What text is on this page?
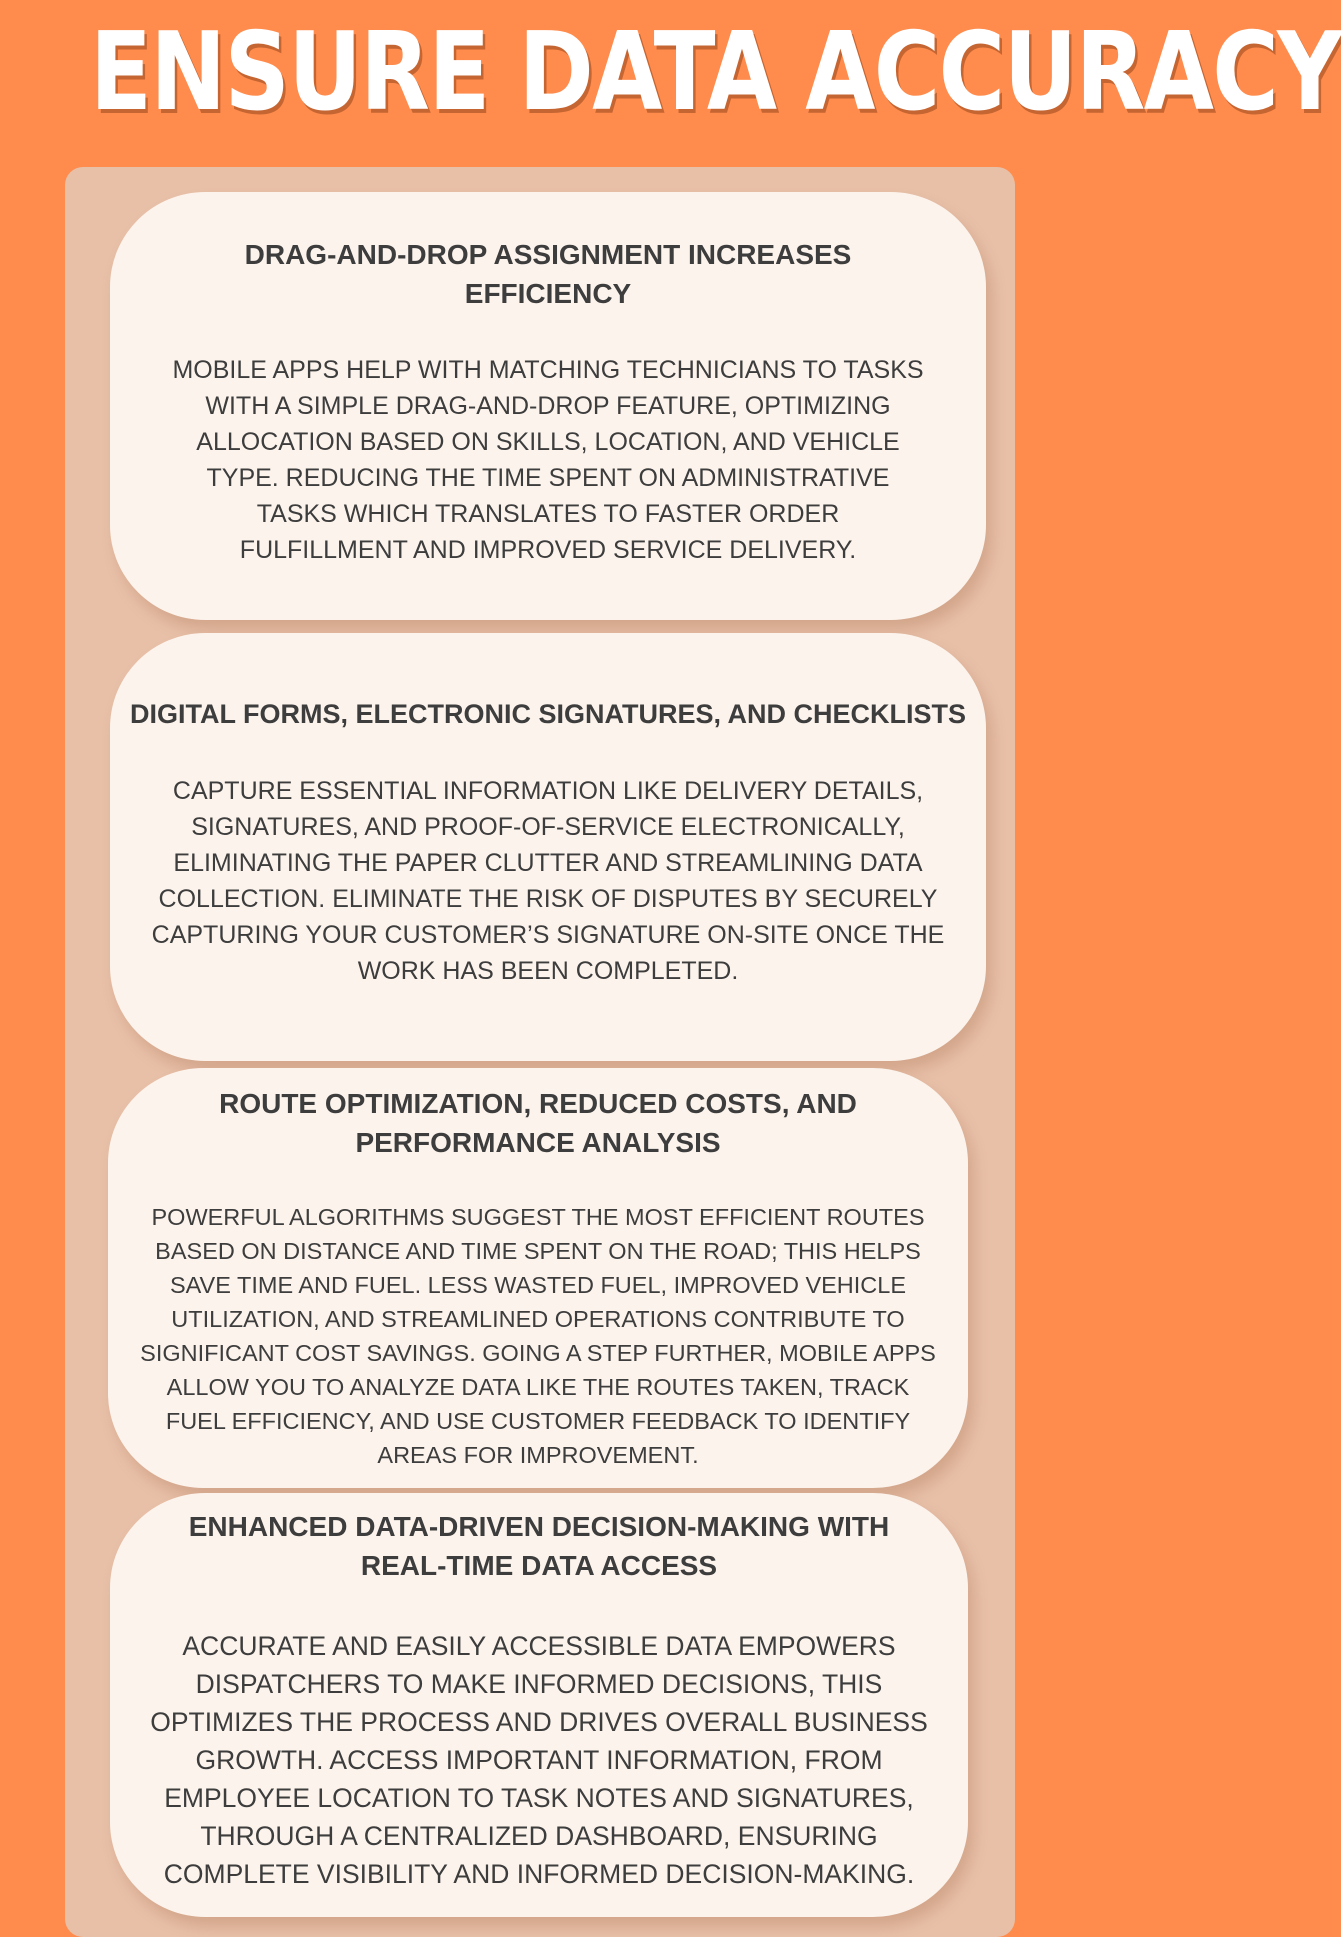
ENSURE DATA ACCURACY
DRAG-AND-DROP ASSIGNMENT INCREASES EFFICIENCY

MOBILE APPS HELP WITH MATCHING TECHNICIANS TO TASKS WITH A SIMPLE DRAG-AND-DROP FEATURE, OPTIMIZING ALLOCATION BASED ON SKILLS, LOCATION, AND VEHICLE TYPE. REDUCING THE TIME SPENT ON ADMINISTRATIVE TASKS WHICH TRANSLATES TO FASTER ORDER FULFILLMENT AND IMPROVED SERVICE DELIVERY.

DIGITAL FORMS, ELECTRONIC SIGNATURES, AND CHECKLISTS

CAPTURE ESSENTIAL INFORMATION LIKE DELIVERY DETAILS, SIGNATURES, AND PROOF-OF-SERVICE ELECTRONICALLY, ELIMINATING THE PAPER CLUTTER AND STREAMLINING DATA COLLECTION. ELIMINATE THE RISK OF DISPUTES BY SECURELY CAPTURING YOUR CUSTOMER’S SIGNATURE ON-SITE ONCE THE WORK HAS BEEN COMPLETED.

ROUTE OPTIMIZATION, REDUCED COSTS, AND PERFORMANCE ANALYSIS

POWERFUL ALGORITHMS SUGGEST THE MOST EFFICIENT ROUTES BASED ON DISTANCE AND TIME SPENT ON THE ROAD; THIS HELPS SAVE TIME AND FUEL. LESS WASTED FUEL, IMPROVED VEHICLE UTILIZATION, AND STREAMLINED OPERATIONS CONTRIBUTE TO SIGNIFICANT COST SAVINGS. GOING A STEP FURTHER, MOBILE APPS ALLOW YOU TO ANALYZE DATA LIKE THE ROUTES TAKEN, TRACK FUEL EFFICIENCY, AND USE CUSTOMER FEEDBACK TO IDENTIFY AREAS FOR IMPROVEMENT.

ENHANCED DATA-DRIVEN DECISION-MAKING WITH REAL-TIME DATA ACCESS

ACCURATE AND EASILY ACCESSIBLE DATA EMPOWERS DISPATCHERS TO MAKE INFORMED DECISIONS, THIS OPTIMIZES THE PROCESS AND DRIVES OVERALL BUSINESS GROWTH. ACCESS IMPORTANT INFORMATION, FROM EMPLOYEE LOCATION TO TASK NOTES AND SIGNATURES, THROUGH A CENTRALIZED DASHBOARD, ENSURING COMPLETE VISIBILITY AND INFORMED DECISION-MAKING.
